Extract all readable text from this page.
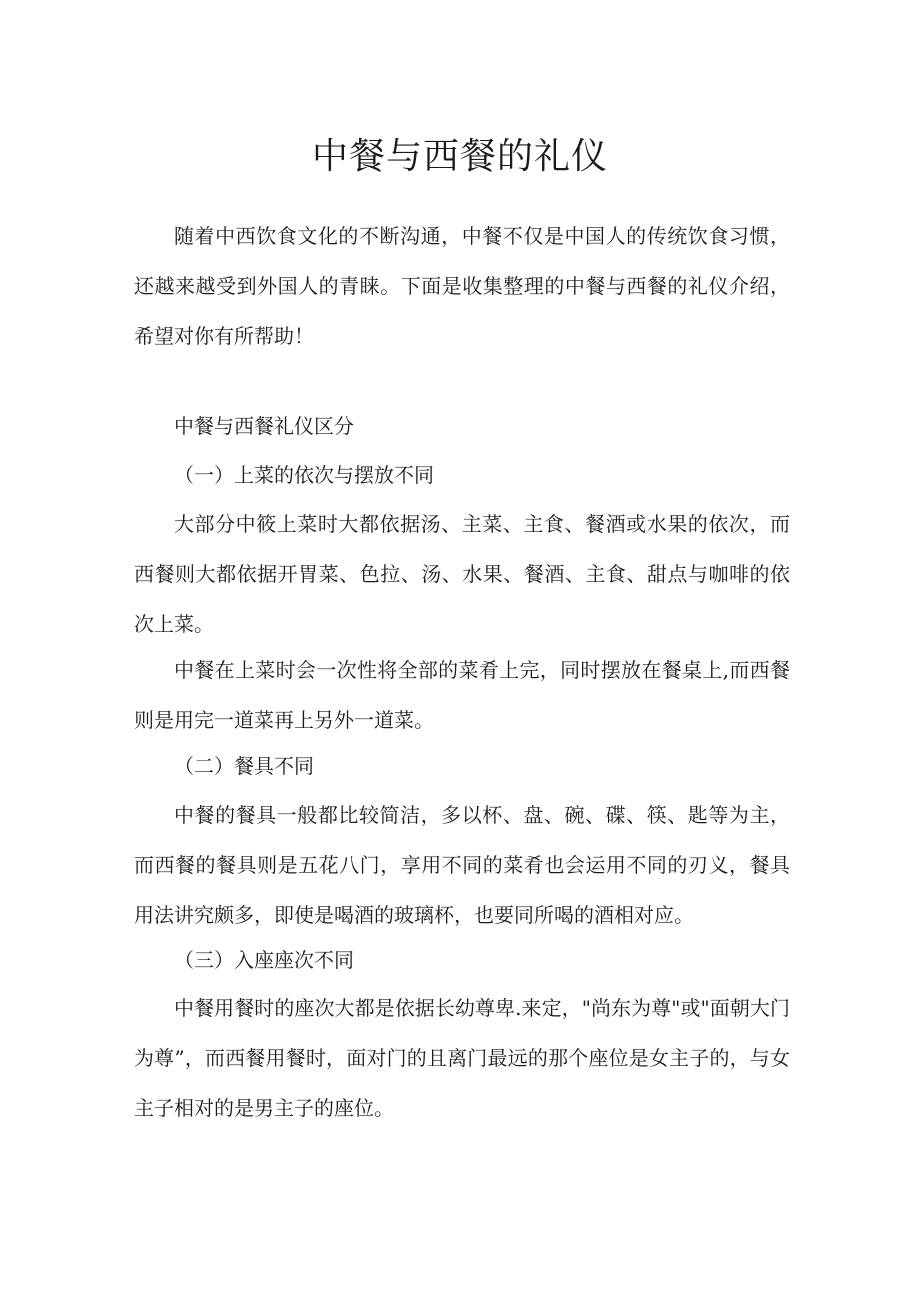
中餐与西餐的礼仪

随着中西饮食文化的不断沟通，中餐不仅是中国人的传统饮食习惯，还越来越受到外国人的青睐。下面是收集整理的中餐与西餐的礼仪介绍，希望对你有所帮助！

中餐与西餐礼仪区分

（一）上菜的依次与摆放不同

大部分中筱上菜时大都依据汤、主菜、主食、餐酒或水果的依次，而西餐则大都依据开胃菜、色拉、汤、水果、餐酒、主食、甜点与咖啡的依次上菜。

中餐在上菜时会一次性将全部的菜肴上完，同时摆放在餐桌上,而西餐则是用完一道菜再上另外一道菜。

（二）餐具不同

中餐的餐具一般都比较简洁，多以杯、盘、碗、碟、筷、匙等为主，而西餐的餐具则是五花八门，享用不同的菜肴也会运用不同的刃义，餐具用法讲究颇多，即使是喝酒的玻璃杯，也要同所喝的酒相对应。

（三）入座座次不同

中餐用餐时的座次大都是依据长幼尊卑.来定，"尚东为尊"或"面朝大门为尊”，而西餐用餐时，面对门的且离门最远的那个座位是女主子的，与女主子相对的是男主子的座位。
